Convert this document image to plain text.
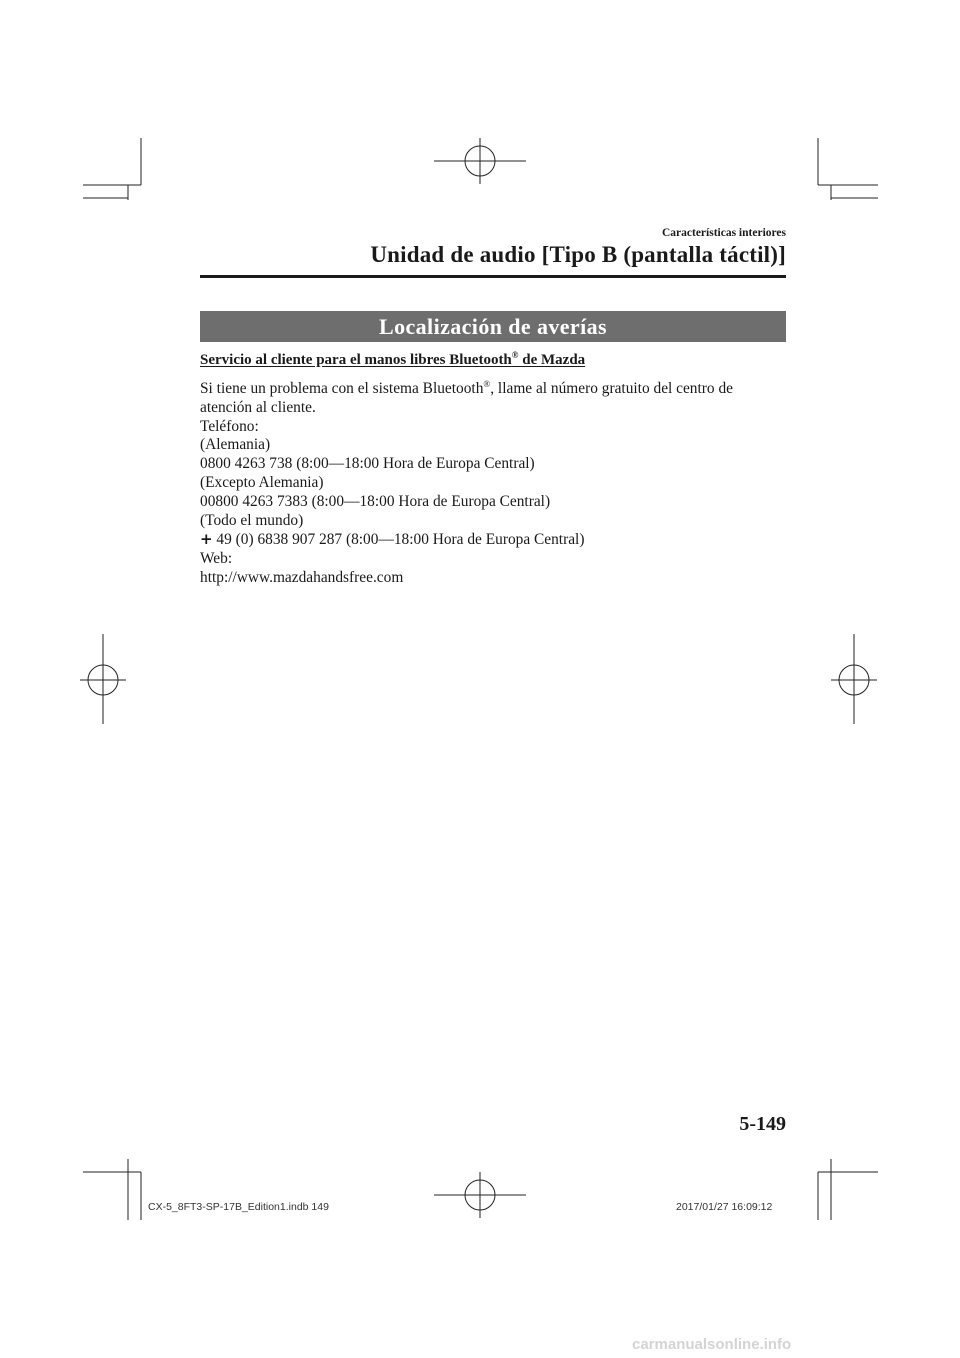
Características interiores
Unidad de audio [Tipo B (pantalla táctil)]
Localización de averías
Servicio al cliente para el manos libres Bluetooth® de Mazda
Si tiene un problema con el sistema Bluetooth®, llame al número gratuito del centro de
atención al cliente.
Teléfono:
(Alemania)
0800 4263 738 (8:00—18:00 Hora de Europa Central)
(Excepto Alemania)
00800 4263 7383 (8:00—18:00 Hora de Europa Central)
(Todo el mundo)
+ 49 (0) 6838 907 287 (8:00—18:00 Hora de Europa Central)
Web:
http://www.mazdahandsfree.com
5-149
CX-5_8FT3-SP-17B_Edition1.indb 149	2017/01/27 16:09:12
carmanualsonline.info
